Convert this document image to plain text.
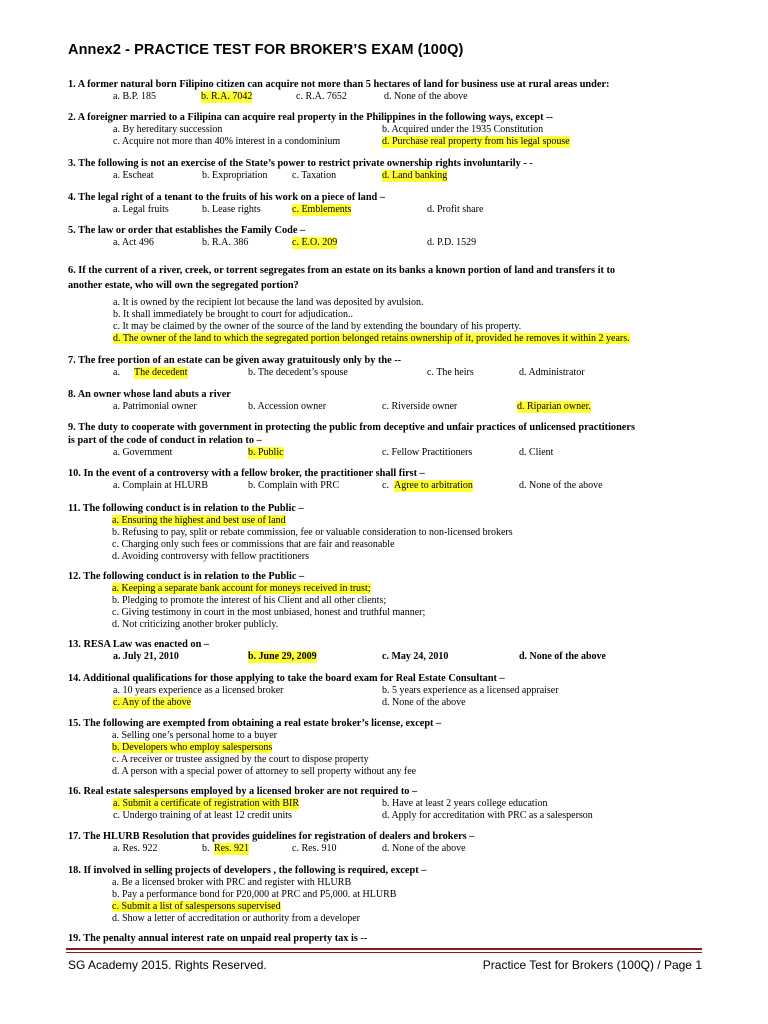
Annex2 - PRACTICE TEST FOR BROKER’S EXAM (100Q)
1. A former natural born Filipino citizen can acquire not more than 5 hectares of land for business use at rural areas under:
a. B.P. 185	b. R.A. 7042	c. R.A. 7652	d. None of the above
2. A foreigner married to a Filipina can acquire real property in the Philippines in the following ways, except --
a. By hereditary succession	b. Acquired under the 1935 Constitution
c. Acquire not more than 40% interest in a condominium	d. Purchase real property from his legal spouse
3. The following is not an exercise of the State’s power to restrict private ownership rights involuntarily - -
a. Escheat	b. Expropriation c. Taxation	d. Land banking
4. The legal right of a tenant to the fruits of his work on a piece of land –
a. Legal fruits	b. Lease rights	c. Emblements	d. Profit share
5. The law or order that establishes the Family Code –
a. Act 496	b. R.A. 386	c. E.O. 209	d. P.D. 1529
6. If the current of a river, creek, or torrent segregates from an estate on its banks a known portion of land and transfers it to
another estate, who will own the segregated portion?
a. It is owned by the recipient lot because the land was deposited by avulsion.
b. It shall immediately be brought to court for adjudication..
c. It may be claimed by the owner of the source of the land by extending the boundary of his property.
d. The owner of the land to which the segregated portion belonged retains ownership of it, provided he removes it within 2 years.
7. The free portion of an estate can be given away gratuitously only by the --
a. The decedent	b. The decedent’s spouse	c. The heirs	d. Administrator
8. An owner whose land abuts a river
a. Patrimonial owner	b. Accession owner	c. Riverside owner	d. Riparian owner.
9. The duty to cooperate with government in protecting the public from deceptive and unfair practices of unlicensed practitioners
is part of the code of conduct in relation to –
a. Government	b. Public	c. Fellow Practitioners	d. Client
10. In the event of a controversy with a fellow broker, the practitioner shall first –
a. Complain at HLURB	b. Complain with PRC	c. Agree to arbitration	d. None of the above
11. The following conduct is in relation to the Public –
a. Ensuring the highest and best use of land
b. Refusing to pay, split or rebate commission, fee or valuable consideration to non-licensed brokers
c. Charging only such fees or commissions that are fair and reasonable
d. Avoiding controversy with fellow practitioners
12. The following conduct is in relation to the Public –
a. Keeping a separate bank account for moneys received in trust;
b. Pledging to promote the interest of his Client and all other clients;
c. Giving testimony in court in the most unbiased, honest and truthful manner;
d. Not criticizing another broker publicly.
13. RESA Law was enacted on –
a. July 21, 2010	b. June 29, 2009	c. May 24, 2010	d. None of the above
14. Additional qualifications for those applying to take the board exam for Real Estate Consultant –
a. 10 years experience as a licensed broker	b. 5 years experience as a licensed appraiser
c. Any of the above	d. None of the above
15. The following are exempted from obtaining a real estate broker’s license, except –
a. Selling one’s personal home to a buyer
b. Developers who employ salespersons
c. A receiver or trustee assigned by the court to dispose property
d. A person with a special power of attorney to sell property without any fee
16. Real estate salespersons employed by a licensed broker are not required to –
a. Submit a certificate of registration with BIR	b. Have at least 2 years college education
c. Undergo training of at least 12 credit units	d. Apply for accreditation with PRC as a salesperson
17. The HLURB Resolution that provides guidelines for registration of dealers and brokers –
a. Res. 922	b. Res. 921	c. Res. 910	d. None of the above
18. If involved in selling projects of developers , the following is required, except –
a. Be a licensed broker with PRC and register with HLURB
b. Pay a performance bond for P20,000 at PRC and P5,000. at HLURB
c. Submit a list of salespersons supervised
d. Show a letter of accreditation or authority from a developer
19. The penalty annual interest rate on unpaid real property tax is --
SG Academy 2015. Rights Reserved.	Practice Test for Brokers (100Q) / Page 1
